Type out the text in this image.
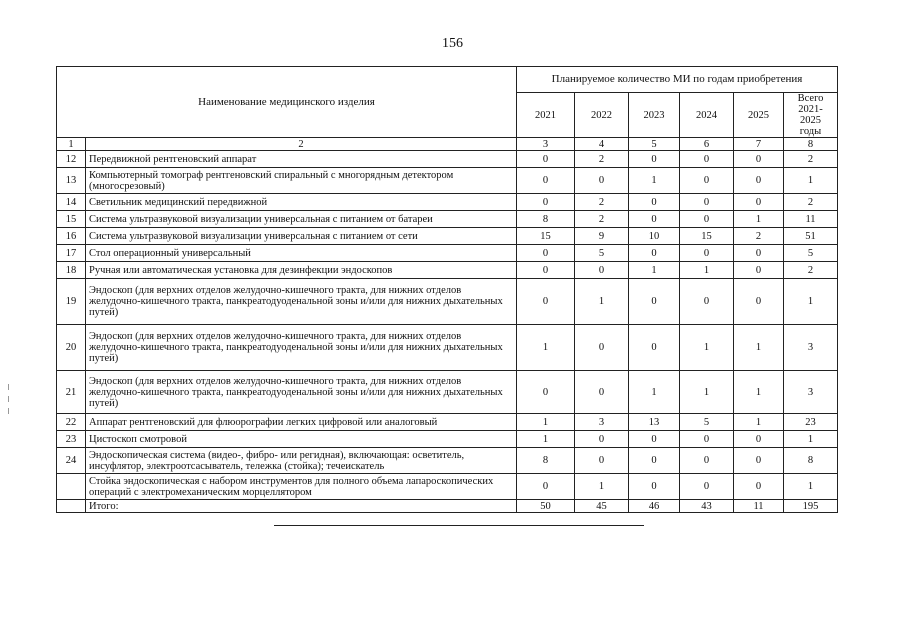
156
Наименование медицинского изделия		Планируемое количество МИ по годам приобретения					
		2021	2022	2023	2024	2025	Всего 2021-2025 годы
1	2	3	4	5	6	7	8
12	Передвижной рентгеновский аппарат	0	2	0	0	0	2
13	Компьютерный томограф рентгеновский спиральный с многорядным детектором (многосрезовый)	0	0	1	0	0	1
14	Светильник медицинский передвижной	0	2	0	0	0	2
15	Система ультразвуковой визуализации универсальная с питанием от батареи	8	2	0	0	1	11
16	Система ультразвуковой визуализации универсальная с питанием от сети	15	9	10	15	2	51
17	Стол операционный универсальный	0	5	0	0	0	5
18	Ручная или автоматическая установка для дезинфекции эндоскопов	0	0	1	1	0	2
19	Эндоскоп (для верхних отделов желудочно-кишечного тракта, для нижних отделов желудочно-кишечного тракта, панкреатодуоденальной зоны и/или для нижних дыхательных путей)	0	1	0	0	0	1
20	Эндоскоп (для верхних отделов желудочно-кишечного тракта, для нижних отделов желудочно-кишечного тракта, панкреатодуоденальной зоны и/или для нижних дыхательных путей)	1	0	0	1	1	3
21	Эндоскоп (для верхних отделов желудочно-кишечного тракта, для нижних отделов желудочно-кишечного тракта, панкреатодуоденальной зоны и/или для нижних дыхательных путей)	0	0	1	1	1	3
22	Аппарат рентгеновский для флюорографии легких цифровой или аналоговый	1	3	13	5	1	23
23	Цистоскоп смотровой	1	0	0	0	0	1
24	Эндоскопическая система (видео-, фибро- или регидная), включающая: осветитель, инсуфлятор, электроотсасыватель, тележка (стойка); течеискатель	8	0	0	0	0	8
	Стойка эндоскопическая с набором инструментов для полного объема лапароскопических операций с электромеханическим морцеллятором	0	1	0	0	0	1
	Итого:	50	45	46	43	11	195
